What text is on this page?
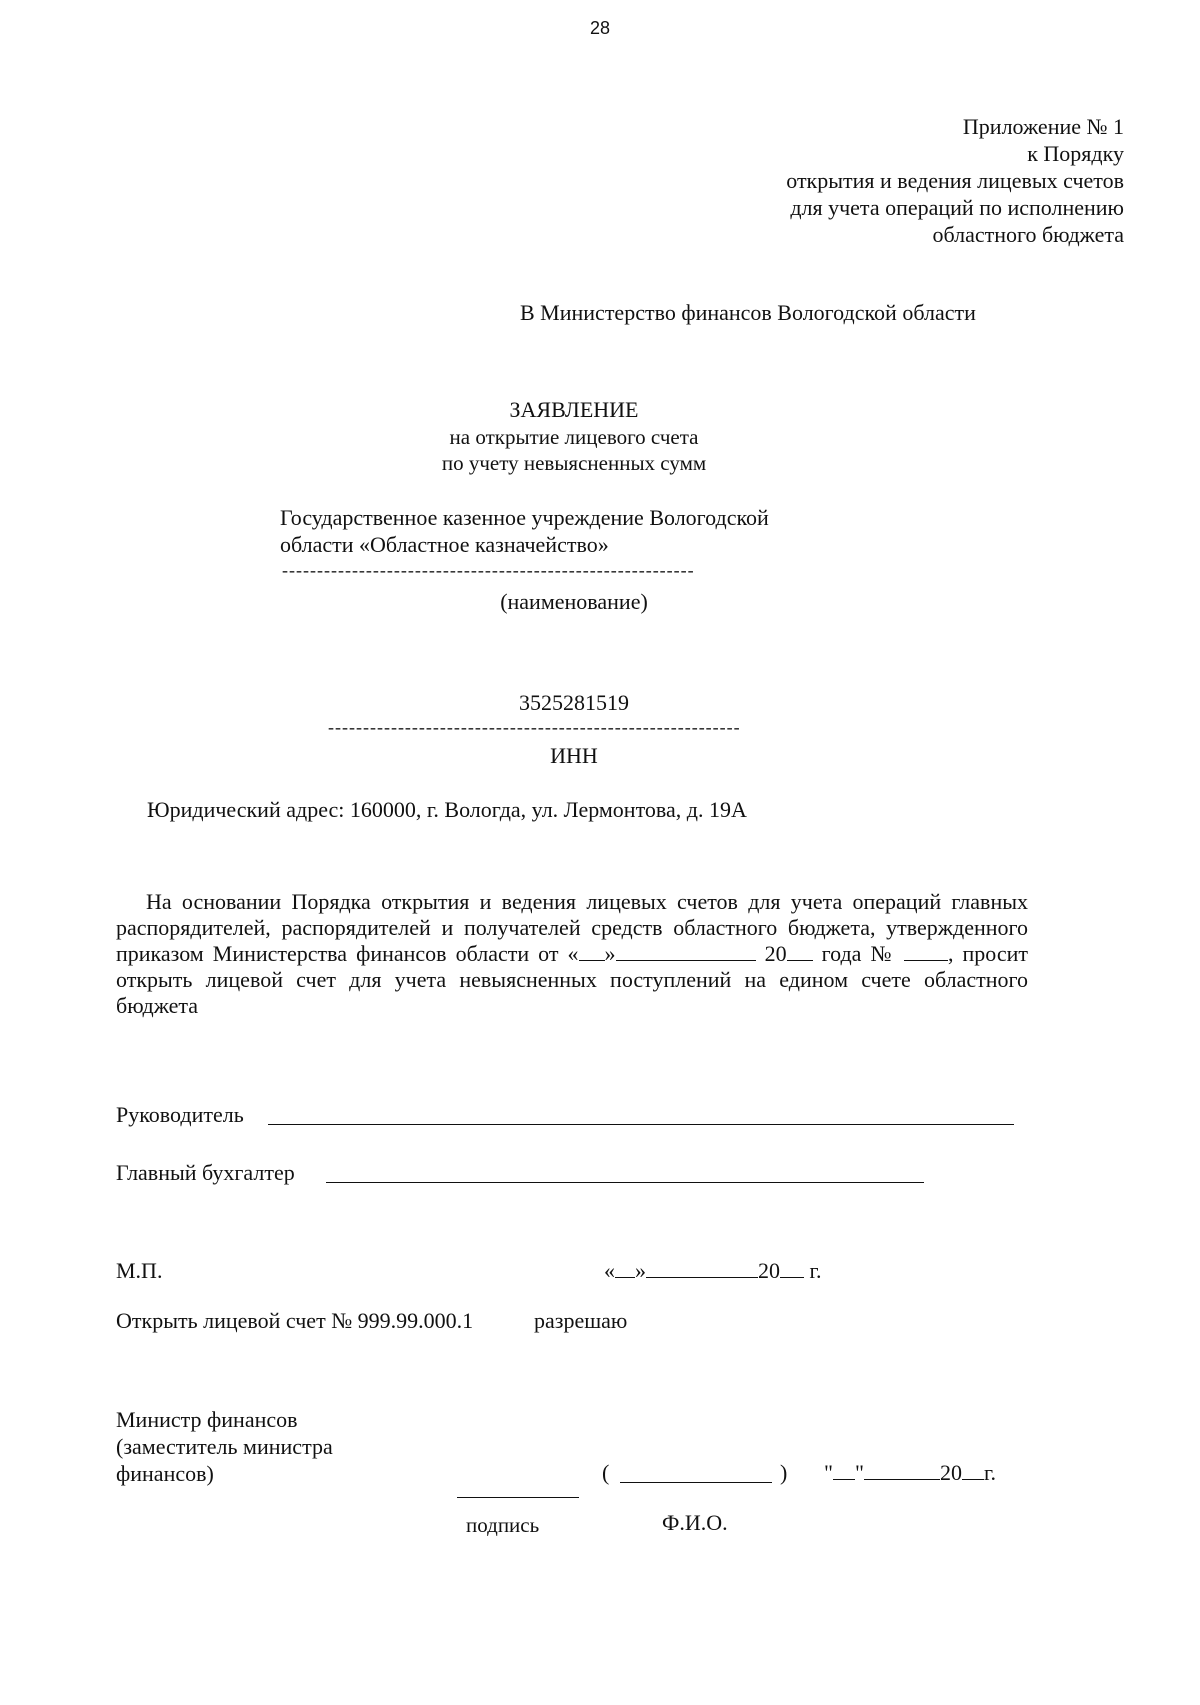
28
Приложение № 1
к Порядку
открытия и ведения лицевых счетов
для учета операций по исполнению
областного бюджета
В Министерство финансов Вологодской области
ЗАЯВЛЕНИЕ
на открытие лицевого счета
по учету невыясненных сумм
Государственное казенное учреждение Вологодской
области «Областное казначейство»
-----------------------------------------------------------
(наименование)
3525281519
-----------------------------------------------------------
ИНН
Юридический адрес: 160000, г. Вологда, ул. Лермонтова, д. 19А
На основании Порядка открытия и ведения лицевых счетов для учета операций главных распорядителей, распорядителей и получателей средств областного бюджета, утвержденного приказом Министерства финансов области от « »	20 года № , просит открыть лицевой счет для учета невыясненных поступлений на едином счете областного бюджета
Руководитель
Главный бухгалтер
М.П.	« »	20 г.
Открыть лицевой счет № 999.99.000.1	разрешаю
Министр финансов
(заместитель министра
финансов)	(	) " "	20 г.
подпись	Ф.И.О.
